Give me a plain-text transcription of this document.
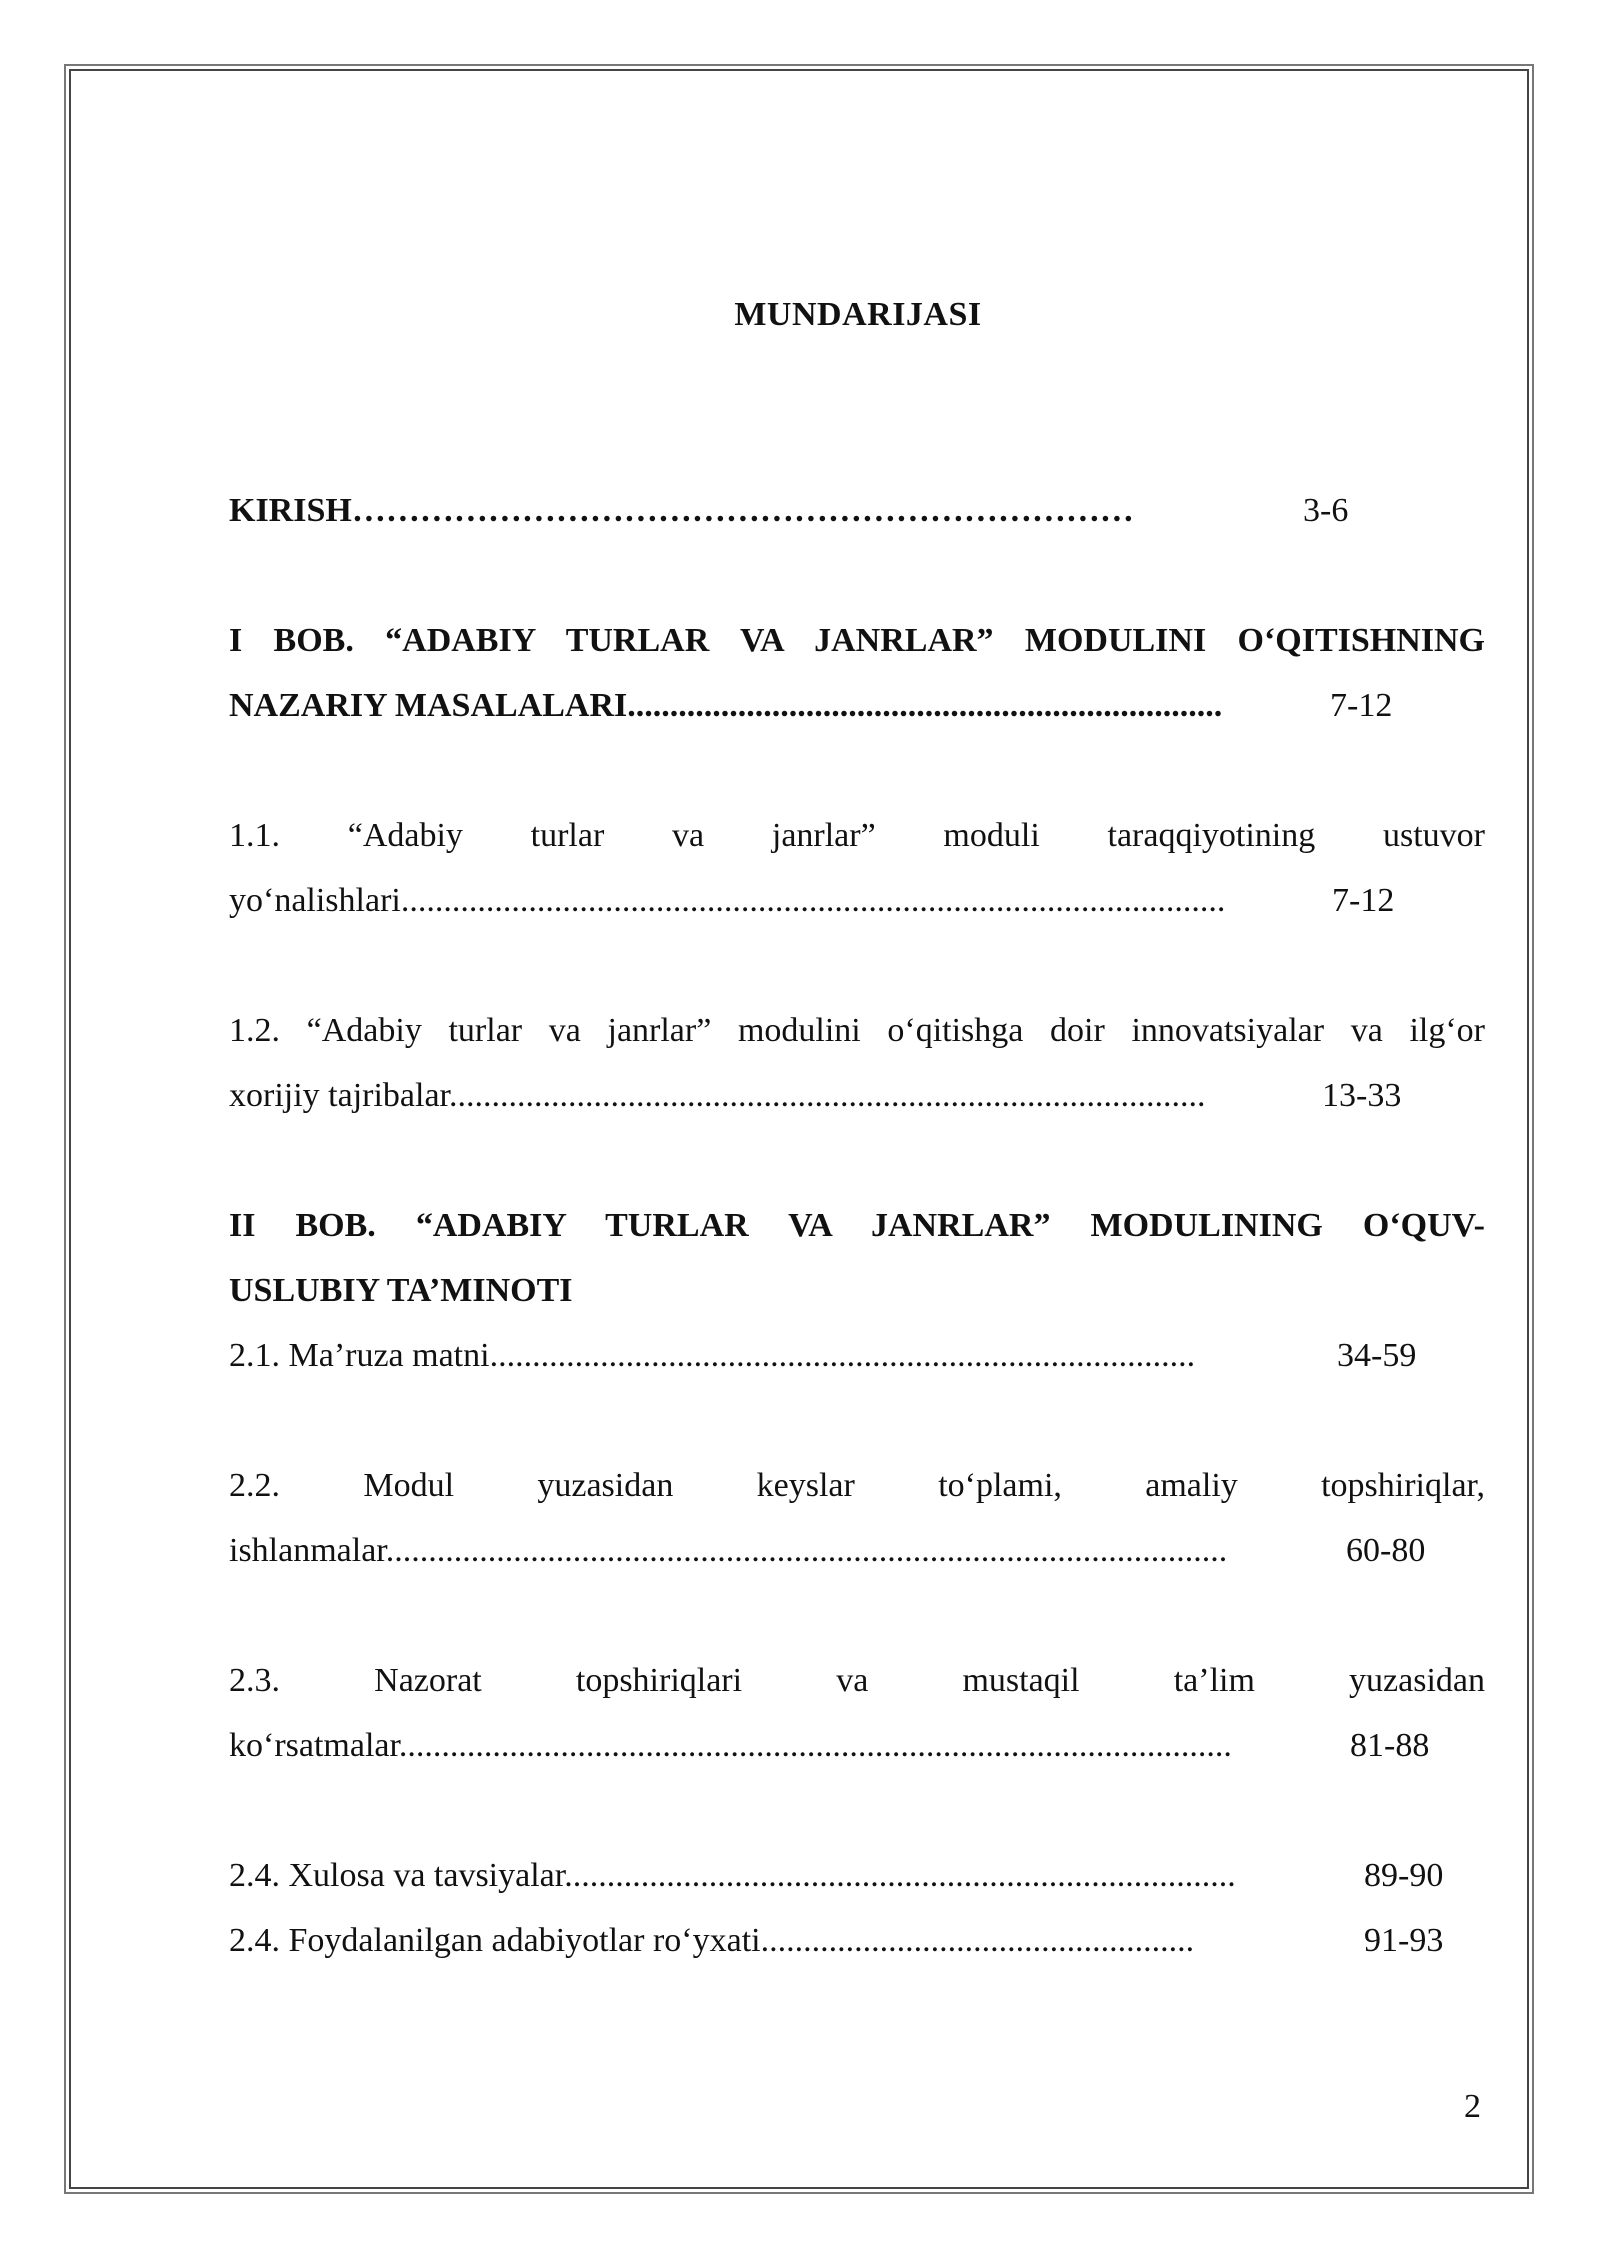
MUNDARIJASI
KIRISH……………………………………………………………	3-6
I BOB. “ADABIY TURLAR VA JANRLAR” MODULINI O‘QITISHNING
NAZARIY MASALALARI......................................................................	7-12
1.1. “Adabiy turlar va janrlar” moduli taraqqiyotining ustuvor
yo‘nalishlari.................................................................................................	7-12
1.2. “Adabiy turlar va janrlar” modulini o‘qitishga doir innovatsiyalar va ilg‘or
xorijiy tajribalar.........................................................................................	13-33
II BOB. “ADABIY TURLAR VA JANRLAR” MODULINING O‘QUV-
USLUBIY TA’MINOTI
2.1. Ma’ruza matni...................................................................................	34-59
2.2. Modul yuzasidan keyslar to‘plami, amaliy topshiriqlar,
ishlanmalar...................................................................................................	60-80
2.3. Nazorat topshiriqlari va mustaqil ta’lim yuzasidan
ko‘rsatmalar..................................................................................................	81-88
2.4. Xulosa va tavsiyalar...............................................................................	89-90
2.4. Foydalanilgan adabiyotlar ro‘yxati...................................................	91-93
2
